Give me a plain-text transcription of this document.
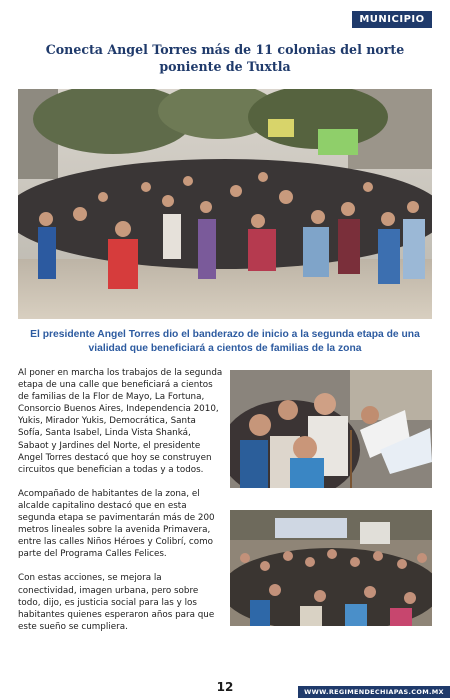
MUNICIPIO
Conecta Angel Torres más de 11 colonias del norte poniente de Tuxtla

El presidente Angel Torres dio el banderazo de inicio a la segunda etapa de una vialidad que beneficiará a cientos de familias de la zona

Al poner en marcha los trabajos de la segunda etapa de una calle que beneficiará a cientos de familias de la Flor de Mayo, La Fortuna, Consorcio Buenos Aires, Independencia 2010, Yukis, Mirador Yukis, Democrática, Santa Sofía, Santa Isabel, Linda Vista Shanká, Sabaot y Jardines del Norte, el presidente Angel Torres destacó que hoy se construyen circuitos que benefician a todas y a todos.

Acompañado de habitantes de la zona, el alcalde capitalino destacó que en esta segunda etapa se pavimentarán más de 200 metros lineales sobre la avenida Primavera, entre las calles Niños Héroes y Colibrí, como parte del Programa Calles Felices.

Con estas acciones, se mejora la conectividad, imagen urbana, pero sobre todo, dijo, es justicia social para las y los habitantes quienes esperaron años para que este sueño se cumpliera.

12	WWW.REGIMENDECHIAPAS.COM.MX
